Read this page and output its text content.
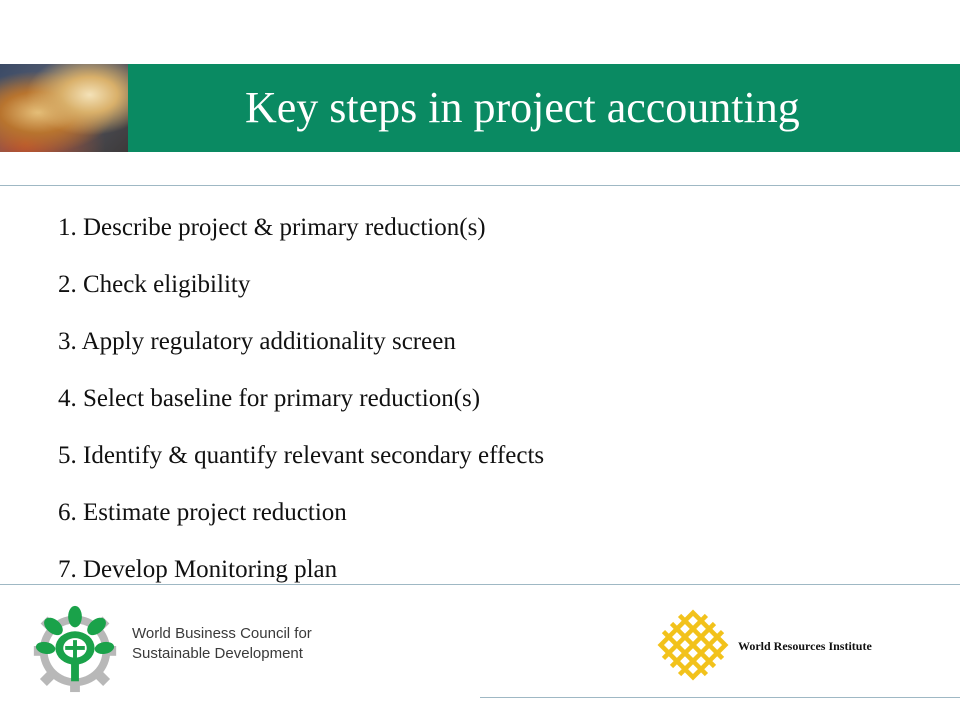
Key steps in project accounting
1. Describe project & primary reduction(s)
2. Check eligibility
3. Apply regulatory additionality screen
4. Select baseline for primary reduction(s)
5. Identify & quantify relevant secondary effects
6. Estimate project reduction
7. Develop Monitoring plan
World Business Council for
Sustainable Development	World Resources Institute
